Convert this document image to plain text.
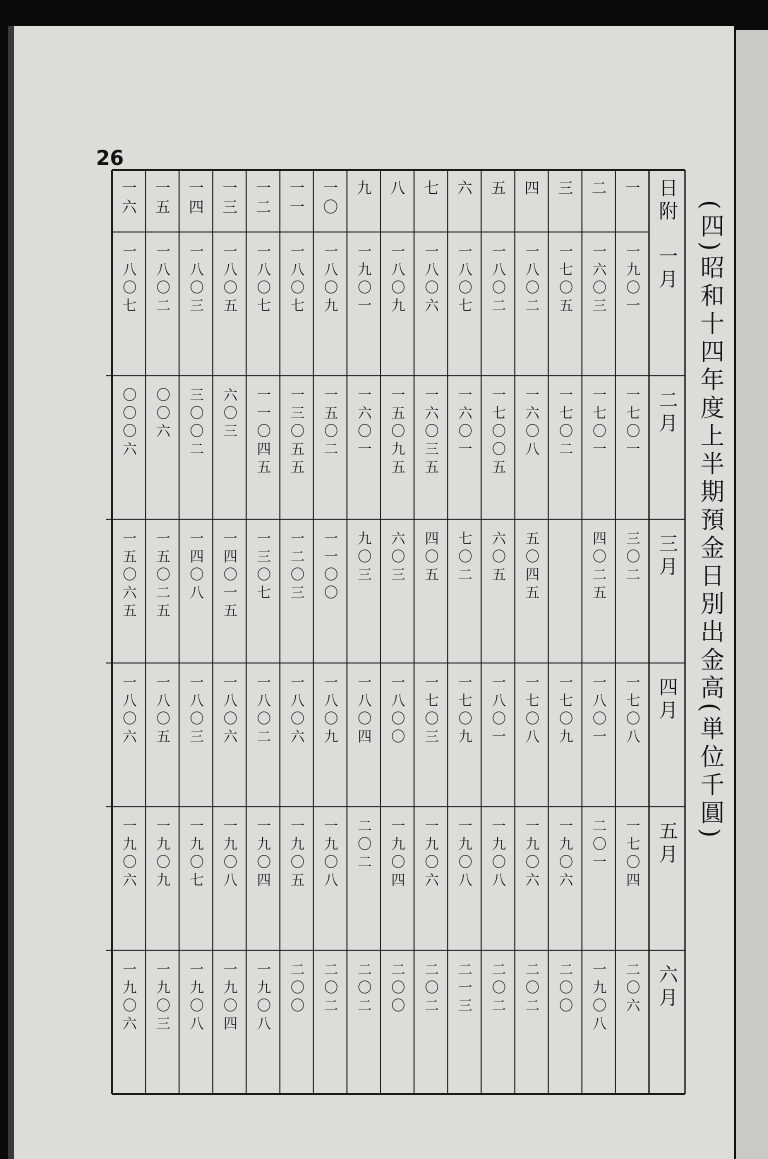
26
(四)昭和十四年度上半期預金日別出金高(単位千圓)
日附
一
二
三
四
五
六
七
八
九
一〇
一一
一二
一三
一四
一五
一六
一月
一九〇一
一六〇三
一七〇五
一八〇二
一八〇二
一八〇七
一八〇六
一八〇九
一九〇一
一八〇九
一八〇七
一八〇七
一八〇五
一八〇三
一八〇二
一八〇七
二月
一七〇一
一七〇一
一七〇二
一六〇八
一七〇〇五
一六〇一
一六〇三五
一五〇九五
一六〇一
一五〇二
一三〇五五
一一〇四五
六〇三
三〇〇二
〇〇六
〇〇〇六
三月
三〇二
四〇二五
五〇四五
六〇五
七〇二
四〇五
六〇三
九〇三
一一〇〇
一二〇三
一三〇七
一四〇一五
一四〇八
一五〇二五
一五〇六五
四月
一七〇八
一八〇一
一七〇九
一七〇八
一八〇一
一七〇九
一七〇三
一八〇〇
一八〇四
一八〇九
一八〇六
一八〇二
一八〇六
一八〇三
一八〇五
一八〇六
五月
一七〇四
二〇一
一九〇六
一九〇六
一九〇八
一九〇八
一九〇六
一九〇四
二〇二
一九〇八
一九〇五
一九〇四
一九〇八
一九〇七
一九〇九
一九〇六
六月
二〇六
一九〇八
二〇〇
二〇二
二〇二
二一三
二〇二
二〇〇
二〇二
二〇二
二〇〇
一九〇八
一九〇四
一九〇八
一九〇三
一九〇六
